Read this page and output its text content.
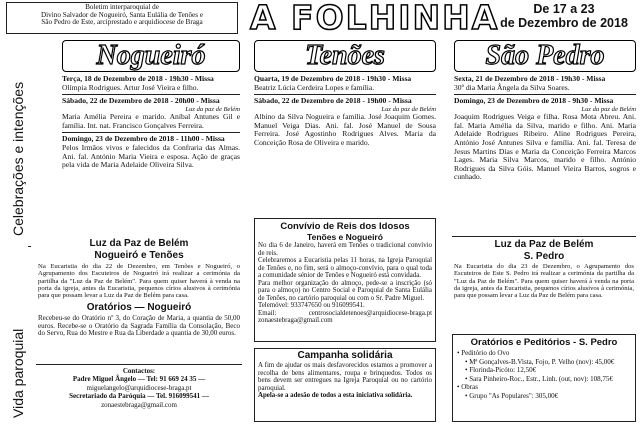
Boletim interparoquial de
Divino Salvador de Nogueiró, Santa Eulália de Tenões e
São Pedro de Este, arciprestado e arquidiocese de Braga	A FOLHINHA	De 17 a 23
de Dezembro de 2018
Celebrações e intenções
Vida paroquial
Nogueiró
Terça, 18 de Dezembro de 2018 - 19h30 - Missa
Olímpia Rodrigues. Artur José Vieira e filho.
Sábado, 22 de Dezembro de 2018 - 20h00 - Missa
Luz da paz de Belém
Maria Amélia Pereira e marido. Aníbal Antunes Gil e família. Int. nat. Francisco Gonçalves Ferreira.
Domingo, 23 de Dezembro de 2018 - 11h00 - Missa
Pelos Irmãos vivos e falecidos da Confraria das Almas. Ani. fal. António Maria Vieira e esposa. Ação de graças pela vida de Maria Adelaide Oliveira Silva.
Tenões
Quarta, 19 de Dezembro de 2018 - 19h30 - Missa
Beatriz Lúcia Cerdeira Lopes e família.
Sábado, 22 de Dezembro de 2018 - 19h00 - Missa
Luz da paz de Belém
Albino da Silva Nogueira e família. José Joaquim Gomes. Manuel Veiga Dias. Ani. fal. José Manuel de Sousa Ferreira. José Agostinho Rodrigues Alves. Maria da Conceição Rosa de Oliveira e marido.
São Pedro
Sexta, 21 de Dezembro de 2018 - 19h30 - Missa
30º dia Maria Ângela da Silva Soares.
Domingo, 23 de Dezembro de 2018 - 9h30 - Missa
Luz da paz de Belém
Joaquim Rodrigues Veiga e filha. Rosa Mota Abreu. Ani. fal. Maria Amélia da Silva, marido e filho. Ani. Maria Adelaide Rodrigues Ribeiro. Aline Rodrigues Pereira, António José Antunes Silva e família. Ani. fal. Teresa de Jesus Martins Dias e Maria da Conceição Ferreira Marcos Lages. Maria Silva Marcos, marido e filho. António Rodrigues da Silva Góis. Manuel Vieira Barros, sogros e cunhado.
Luz da Paz de Belém
Nogueiró e Tenões
Na Eucaristia do dia 22 de Dezembro, em Tenões e Nogueiró, o Agrupamento dos Escuteiros de Nogueiró irá realizar a cerimónia da partilha da "Luz da Paz de Belém". Para quem quiser haverá à venda na porta da igreja, antes da Eucaristia, pequenos círios alusivos à cerimónia para que possam levar a Luz da Paz de Belém para casa.
Oratórios — Nogueiró
Recebeu-se do Oratório nº 3, do Coração de Maria, a quantia de 50,00 euros. Recebe-se o Oratório da Sagrada Família da Consolação, Beco do Servo, Rua do Mestre e Rua da Liberdade a quantia de 30,00 euros.
Contactos:
Padre Miguel Ângelo — Tel: 91 669 24 35 —
miguelangelo@arquidiocese-braga.pt
Secretariado da Paróquia — Tel. 916099541 —
zonaestebraga@gmail.com
Convívio de Reis dos Idosos
Tenões e Nogueiró
No dia 6 de Janeiro, haverá em Tenões o tradicional convívio de reis.
Celebraremos a Eucaristia pelas 11 horas, na Igreja Paroquial de Tenões e, no fim, será o almoço-convívio, para o qual toda a comunidade sénior de Tenões e Nogueiró está convidada.
Para melhor organização do almoço, pede-se a inscrição (só para o almoço) no Centro Social e Paroquial de Santa Eulália de Tenões, no cartório paroquial ou com o Sr. Padre Miguel.
Telemóvel: 933747650 ou 916099541.
Email: centrosocialdetenoes@arquidiocese-braga.pt zonaestebraga@gmail.com
Campanha solidária
A fim de ajudar os mais desfavorecidos estamos a promover a recolha de bens alimentares, roupa e brinquedos. Todos os bens devem ser entregues na Igreja Paroquial ou no cartório paroquial.
Apela-se a adesão de todos a esta iniciativa solidária.
Luz da Paz de Belém
S. Pedro
Na Eucaristia do dia 23 de Dezembro, o Agrupamento dos Escuteiros de Este S. Pedro irá realizar a cerimónia da partilha da "Luz da Paz de Belém". Para quem quiser haverá à venda na porta da igreja, antes da Eucaristia, pequenos círios alusivos à cerimónia, para que possam levar a Luz da Paz de Belém para casa.
Oratórios e Peditórios - S. Pedro
• Peditório do Ovo
• Mª Gonçalves-B.Vista, Fojo, P. Velho (nov): 45,00€
• Florinda-Picóto: 12,50€
• Sara Pinheiro-Roc., Estr., Linh. (out, nov): 108,75€
• Obras
• Grupo "As Populares": 305,00€
